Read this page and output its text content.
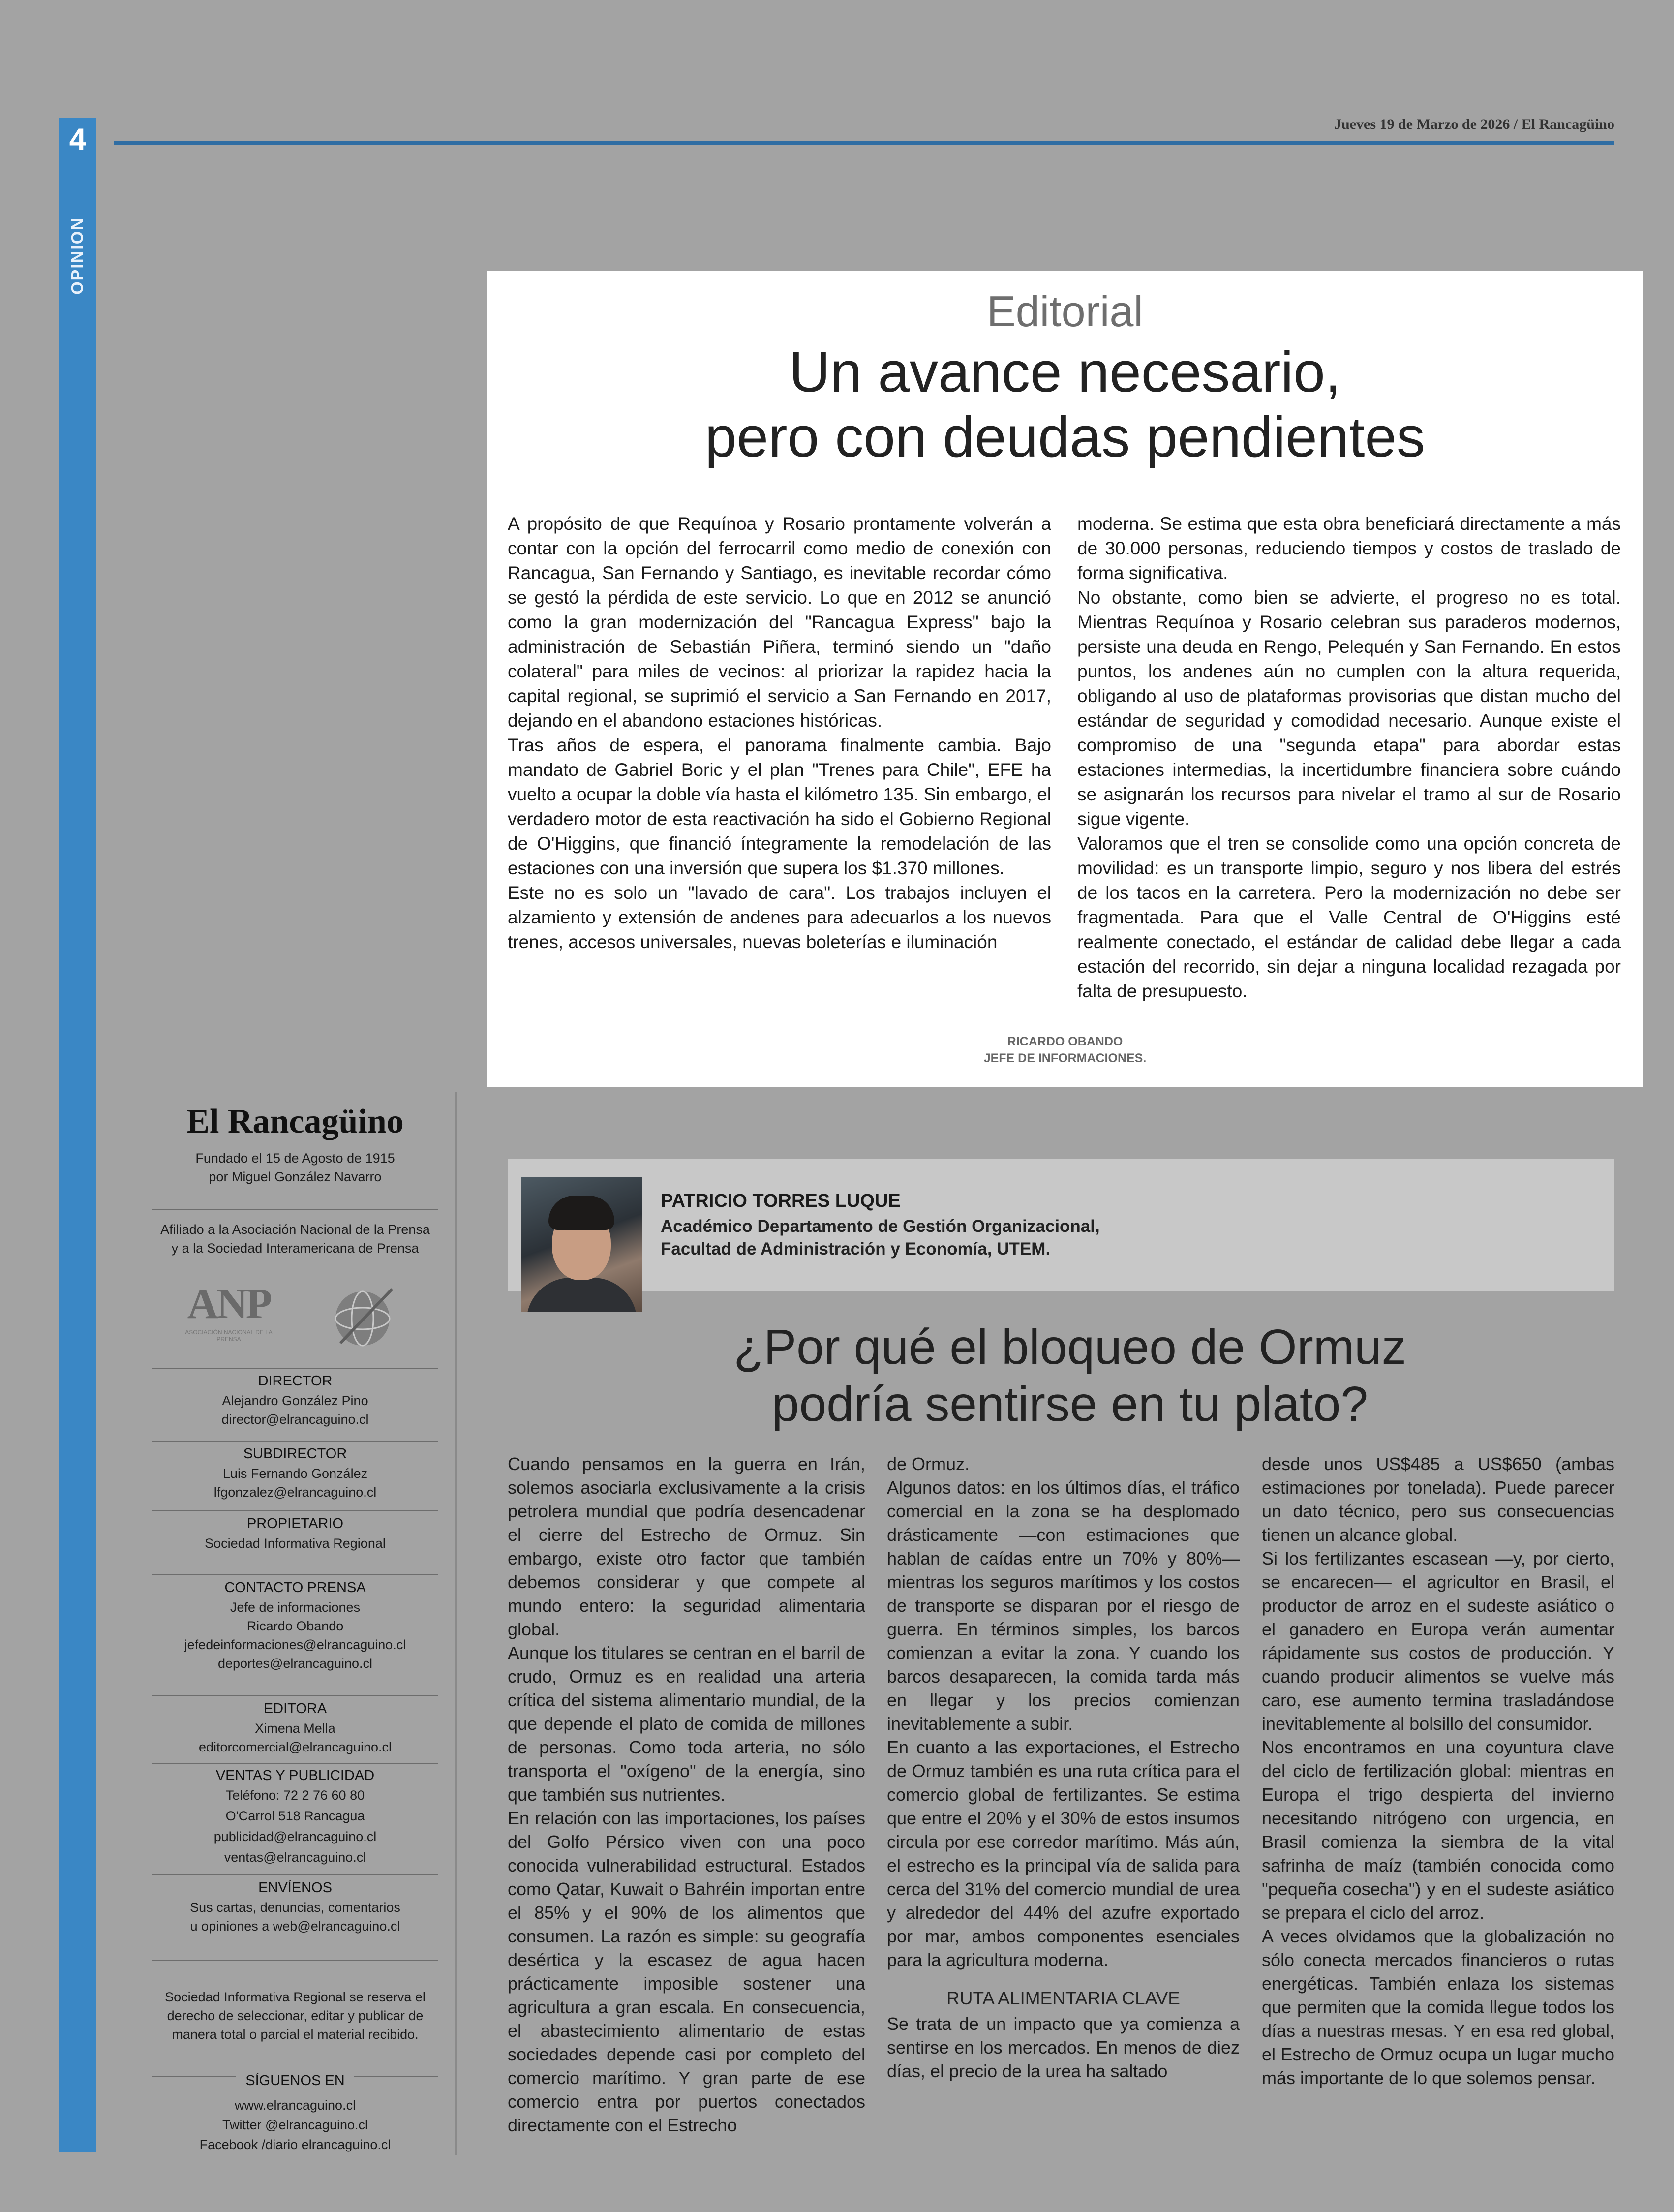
4
OPINION
Jueves 19 de Marzo de 2026 / El Rancagüino
Editorial
Un avance necesario,
pero con deudas pendientes

A propósito de que Requínoa y Rosario prontamente volverán a contar con la opción del ferrocarril como medio de conexión con Rancagua, San Fernando y Santiago, es inevitable recordar cómo se gestó la pérdida de este servicio. Lo que en 2012 se anunció como la gran modernización del "Rancagua Express" bajo la administración de Sebastián Piñera, terminó siendo un "daño colateral" para miles de vecinos: al priorizar la rapidez hacia la capital regional, se suprimió el servicio a San Fernando en 2017, dejando en el abandono estaciones históricas.

Tras años de espera, el panorama finalmente cambia. Bajo mandato de Gabriel Boric y el plan "Trenes para Chile", EFE ha vuelto a ocupar la doble vía hasta el kilómetro 135. Sin embargo, el verdadero motor de esta reactivación ha sido el Gobierno Regional de O'Higgins, que financió íntegramente la remodelación de las estaciones con una inversión que supera los $1.370 millones.

Este no es solo un "lavado de cara". Los trabajos incluyen el alzamiento y extensión de andenes para adecuarlos a los nuevos trenes, accesos universales, nuevas boleterías e iluminación

moderna. Se estima que esta obra beneficiará directamente a más de 30.000 personas, reduciendo tiempos y costos de traslado de forma significativa.

No obstante, como bien se advierte, el progreso no es total. Mientras Requínoa y Rosario celebran sus paraderos modernos, persiste una deuda en Rengo, Pelequén y San Fernando. En estos puntos, los andenes aún no cumplen con la altura requerida, obligando al uso de plataformas provisorias que distan mucho del estándar de seguridad y comodidad necesario. Aunque existe el compromiso de una "segunda etapa" para abordar estas estaciones intermedias, la incertidumbre financiera sobre cuándo se asignarán los recursos para nivelar el tramo al sur de Rosario sigue vigente.

Valoramos que el tren se consolide como una opción concreta de movilidad: es un transporte limpio, seguro y nos libera del estrés de los tacos en la carretera. Pero la modernización no debe ser fragmentada. Para que el Valle Central de O'Higgins esté realmente conectado, el estándar de calidad debe llegar a cada estación del recorrido, sin dejar a ninguna localidad rezagada por falta de presupuesto.

RICARDO OBANDO
JEFE DE INFORMACIONES.
El Rancagüino
Fundado el 15 de Agosto de 1915
por Miguel González Navarro
Afiliado a la Asociación Nacional de la Prensa
y a la Sociedad Interamericana de Prensa
ANP
ASOCIACIÓN NACIONAL DE LA PRENSA
DIRECTOR
Alejandro González Pino
director@elrancaguino.cl
SUBDIRECTOR
Luis Fernando González
lfgonzalez@elrancaguino.cl
PROPIETARIO
Sociedad Informativa Regional
CONTACTO PRENSA
Jefe de informaciones
Ricardo Obando
jefedeinformaciones@elrancaguino.cl
deportes@elrancaguino.cl
EDITORA
Ximena Mella
editorcomercial@elrancaguino.cl
VENTAS Y PUBLICIDAD
Teléfono: 72 2 76 60 80
O'Carrol 518 Rancagua
publicidad@elrancaguino.cl
ventas@elrancaguino.cl
ENVÍENOS
Sus cartas, denuncias, comentarios
u opiniones a web@elrancaguino.cl
Sociedad Informativa Regional se reserva el
derecho de seleccionar, editar y publicar de
manera total o parcial el material recibido.
SÍGUENOS EN
www.elrancaguino.cl
Twitter @elrancaguino.cl
Facebook /diario elrancaguino.cl
PATRICIO TORRES LUQUE
Académico Departamento de Gestión Organizacional,
Facultad de Administración y Economía, UTEM.
¿Por qué el bloqueo de Ormuz
podría sentirse en tu plato?

Cuando pensamos en la guerra en Irán, solemos asociarla exclusivamente a la crisis petrolera mundial que podría desencadenar el cierre del Estrecho de Ormuz. Sin embargo, existe otro factor que también debemos considerar y que compete al mundo entero: la seguridad alimentaria global.

Aunque los titulares se centran en el barril de crudo, Ormuz es en realidad una arteria crítica del sistema alimentario mundial, de la que depende el plato de comida de millones de personas. Como toda arteria, no sólo transporta el "oxígeno" de la energía, sino que también sus nutrientes.

En relación con las importaciones, los países del Golfo Pérsico viven con una poco conocida vulnerabilidad estructural. Estados como Qatar, Kuwait o Bahréin importan entre el 85% y el 90% de los alimentos que consumen. La razón es simple: su geografía desértica y la escasez de agua hacen prácticamente imposible sostener una agricultura a gran escala. En consecuencia, el abastecimiento alimentario de estas sociedades depende casi por completo del comercio marítimo. Y gran parte de ese comercio entra por puertos conectados directamente con el Estrecho

de Ormuz.

Algunos datos: en los últimos días, el tráfico comercial en la zona se ha desplomado drásticamente —con estimaciones que hablan de caídas entre un 70% y 80%— mientras los seguros marítimos y los costos de transporte se disparan por el riesgo de guerra. En términos simples, los barcos comienzan a evitar la zona. Y cuando los barcos desaparecen, la comida tarda más en llegar y los precios comienzan inevitablemente a subir.

En cuanto a las exportaciones, el Estrecho de Ormuz también es una ruta crítica para el comercio global de fertilizantes. Se estima que entre el 20% y el 30% de estos insumos circula por ese corredor marítimo. Más aún, el estrecho es la principal vía de salida para cerca del 31% del comercio mundial de urea y alrededor del 44% del azufre exportado por mar, ambos componentes esenciales para la agricultura moderna.

RUTA ALIMENTARIA CLAVE

Se trata de un impacto que ya comienza a sentirse en los mercados. En menos de diez días, el precio de la urea ha saltado

desde unos US$485 a US$650 (ambas estimaciones por tonelada). Puede parecer un dato técnico, pero sus consecuencias tienen un alcance global.

Si los fertilizantes escasean —y, por cierto, se encarecen— el agricultor en Brasil, el productor de arroz en el sudeste asiático o el ganadero en Europa verán aumentar rápidamente sus costos de producción. Y cuando producir alimentos se vuelve más caro, ese aumento termina trasladándose inevitablemente al bolsillo del consumidor.

Nos encontramos en una coyuntura clave del ciclo de fertilización global: mientras en Europa el trigo despierta del invierno necesitando nitrógeno con urgencia, en Brasil comienza la siembra de la vital safrinha de maíz (también conocida como "pequeña cosecha") y en el sudeste asiático se prepara el ciclo del arroz.

A veces olvidamos que la globalización no sólo conecta mercados financieros o rutas energéticas. También enlaza los sistemas que permiten que la comida llegue todos los días a nuestras mesas. Y en esa red global, el Estrecho de Ormuz ocupa un lugar mucho más importante de lo que solemos pensar.
